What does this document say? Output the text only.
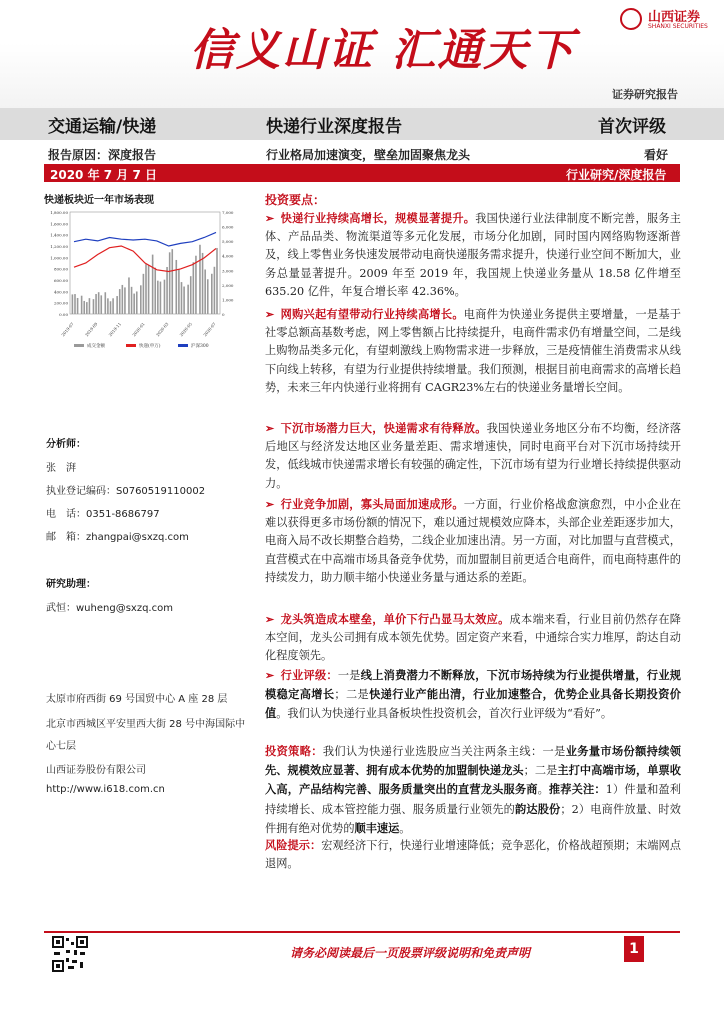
信义山证 汇通天下
山西证券
SHANXI SECURITIES
证券研究报告
交通运输/快递	快递行业深度报告	首次评级
报告原因：深度报告	行业格局加速演变，壁垒加固聚焦龙头	看好
2020 年 7 月 7 日	行业研究/深度报告
快递板块近一年市场表现
1,800.00
1,600.00
1,400.00
1,200.00
1,000.00
800.00
600.00
400.00
200.00
0.00
7,000
6,000
5,000
4,000
3,000
2,000
1,000
0
2019-07 2019-09 2019-11 2020-01 2020-03 2020-05 2020-07
成交金额	快递(申万)	沪深300
分析师：
张　湃
执业登记编码：S0760519110002
电　话：0351-8686797
邮　箱：zhangpai@sxzq.com
研究助理：
武恒：wuheng@sxzq.com
太原市府西街 69 号国贸中心 A 座 28 层
北京市西城区平安里西大街 28 号中海国际中心七层
山西证券股份有限公司
http://www.i618.com.cn
投资要点：
➢ 快递行业持续高增长，规模显著提升。我国快递行业法律制度不断完善，服务主体、产品品类、物流渠道等多元化发展，市场分化加剧，同时国内网络购物逐渐普及，线上零售业务快速发展带动电商快递服务需求提升，快递行业空间不断加大，业务总量显著提升。2009 年至 2019 年，我国规上快递业务量从 18.58 亿件增至 635.20 亿件，年复合增长率 42.36%。
➢ 网购兴起有望带动行业持续高增长。电商件为快递业务提供主要增量，一是基于社零总额高基数考虑，网上零售额占比持续提升，电商件需求仍有增量空间，二是线上购物品类多元化，有望刺激线上购物需求进一步释放，三是疫情催生消费需求从线下向线上转移，有望为行业提供持续增量。我们预测，根据目前电商需求的高增长趋势，未来三年内快递行业将拥有 CAGR23%左右的快递业务量增长空间。
➢ 下沉市场潜力巨大，快递需求有待释放。我国快递业务地区分布不均衡，经济落后地区与经济发达地区业务量差距、需求增速快，同时电商平台对下沉市场持续开发，低线城市快递需求增长有较强的确定性，下沉市场有望为行业增长持续提供驱动力。
➢ 行业竞争加剧，寡头局面加速成形。一方面，行业价格战愈演愈烈，中小企业在难以获得更多市场份额的情况下，难以通过规模效应降本，头部企业差距逐步加大，电商入局不改长期整合趋势，二线企业加速出清。另一方面，对比加盟与直营模式，直营模式在中高端市场具备竞争优势，而加盟制目前更适合电商件，而电商特惠件的持续发力，助力顺丰缩小快递业务量与通达系的差距。
➢ 龙头筑造成本壁垒，单价下行凸显马太效应。成本端来看，行业目前仍然存在降本空间，龙头公司拥有成本领先优势。固定资产来看，中通综合实力堆厚，韵达自动化程度领先。
➢ 行业评级：一是线上消费潜力不断释放，下沉市场持续为行业提供增量，行业规模稳定高增长；二是快递行业产能出清，行业加速整合，优势企业具备长期投资价值。我们认为快递行业具备板块性投资机会，首次行业评级为“看好”。
投资策略：我们认为快递行业选股应当关注两条主线：一是业务量市场份额持续领先、规模效应显著、拥有成本优势的加盟制快递龙头；二是主打中高端市场，单票收入高，产品结构完善、服务质量突出的直营龙头服务商。推荐关注：1）件量和盈利持续增长、成本管控能力强、服务质量行业领先的韵达股份；2）电商件放量、时效件拥有绝对优势的顺丰速运。
风险提示：宏观经济下行，快递行业增速降低；竞争恶化，价格战超预期；末端网点退网。
请务必阅读最后一页股票评级说明和免责声明	1
